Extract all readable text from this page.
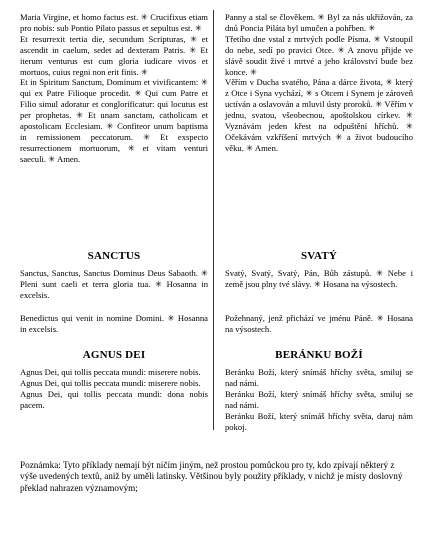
Maria Virgine, et homo factus est. ✳ Crucifixus etiam pro nobis: sub Pontio Pilato passus et sepultus est. ✳

Et resurrexit tertia die, secundum Scripturas, ✳ et ascendit in caelum, sedet ad dexteram Patris. ✳ Et iterum venturus est cum gloria iudicare vivos et mortuos, cuius regni non erit finis. ✳

Et in Spiritum Sanctum, Dominum et vivificantem: ✳ qui ex Patre Filioque procedit. ✳ Qui cum Patre et Filio simul adoratur et conglorificatur: qui locutus est per prophetas. ✳ Et unam sanctam, catholicam et apostolicam Ecclesiam. ✳ Confiteor unum baptisma in remissionem peccatorum. ✳ Et exspecto resurrectionem mortuorum, ✳ et vitam venturi saeculi. ✳ Amen.

SANCTUS

Sanctus, Sanctus, Sanctus Dominus Deus Sabaoth. ✳ Pleni sunt caeli et terra gloria tua. ✳ Hosanna in excelsis.

Benedictus qui venit in nomine Domini. ✳ Hosanna in excelsis.

AGNUS DEI

Agnus Dei, qui tollis peccata mundi: miserere nobis.

Agnus Dei, qui tollis peccata mundi: miserere nobis.

Agnus Dei, qui tollis peccata mundi: dona nobis pacem.

Panny a stal se člověkem. ✳ Byl za nás ukřižován, za dnů Poncia Piláta byl umučen a pohřben. ✳

Třetího dne vstal z mrtvých podle Písma. ✳ Vstoupil do nebe, sedí po pravici Otce. ✳ A znovu přijde ve slávě soudit živé i mrtvé a jeho království bude bez konce. ✳

Věřím v Ducha svatého, Pána a dárce života, ✳ který z Otce i Syna vychází, ✳ s Otcem i Synem je zároveň uctíván a oslavován a mluvil ústy proroků. ✳ Věřím v jednu, svatou, všeobecnou, apoštolskou církev. ✳ Vyznávám jeden křest na odpuštění hříchů. ✳ Očekávám vzkříšení mrtvých ✳ a život budoucího věku. ✳ Amen.

SVATÝ

Svatý, Svatý, Svatý, Pán, Bůh zástupů. ✳ Nebe i země jsou plny tvé slávy. ✳ Hosana na výsostech.

Požehnaný, jenž přichází ve jménu Páně. ✳ Hosana na výsostech.

BERÁNKU BOŽÍ

Beránku Boží, který snímáš hříchy světa, smiluj se nad námi.

Beránku Boží, který snímáš hříchy světa, smiluj se nad námi.

Beránku Boží, který snímáš hříchy světa, daruj nám pokoj.

Poznámka: Tyto příklady nemají být ničím jiným, než prostou pomůckou pro ty, kdo zpívají některý z výše uvedených textů, aniž by uměli latinsky. Většinou byly použity příklady, v nichž je místy doslovný překlad nahrazen významovým;
